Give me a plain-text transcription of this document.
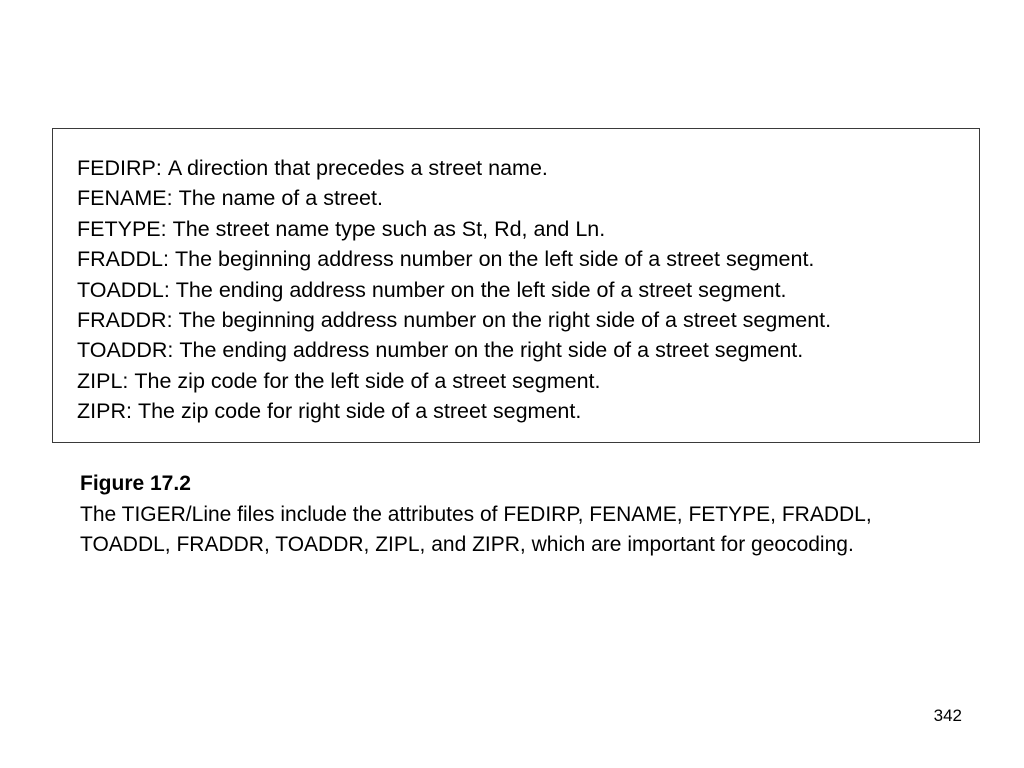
FEDIRP: A direction that precedes a street name.
FENAME: The name of a street.
FETYPE: The street name type such as St, Rd, and Ln.
FRADDL: The beginning address number on the left side of a street segment.
TOADDL: The ending address number on the left side of a street segment.
FRADDR: The beginning address number on the right side of a street segment.
TOADDR: The ending address number on the right side of a street segment.
ZIPL: The zip code for the left side of a street segment.
ZIPR: The zip code for right side of a street segment.
Figure 17.2
The TIGER/Line files include the attributes of FEDIRP, FENAME, FETYPE, FRADDL, TOADDL, FRADDR, TOADDR, ZIPL, and ZIPR, which are important for geocoding.
342
